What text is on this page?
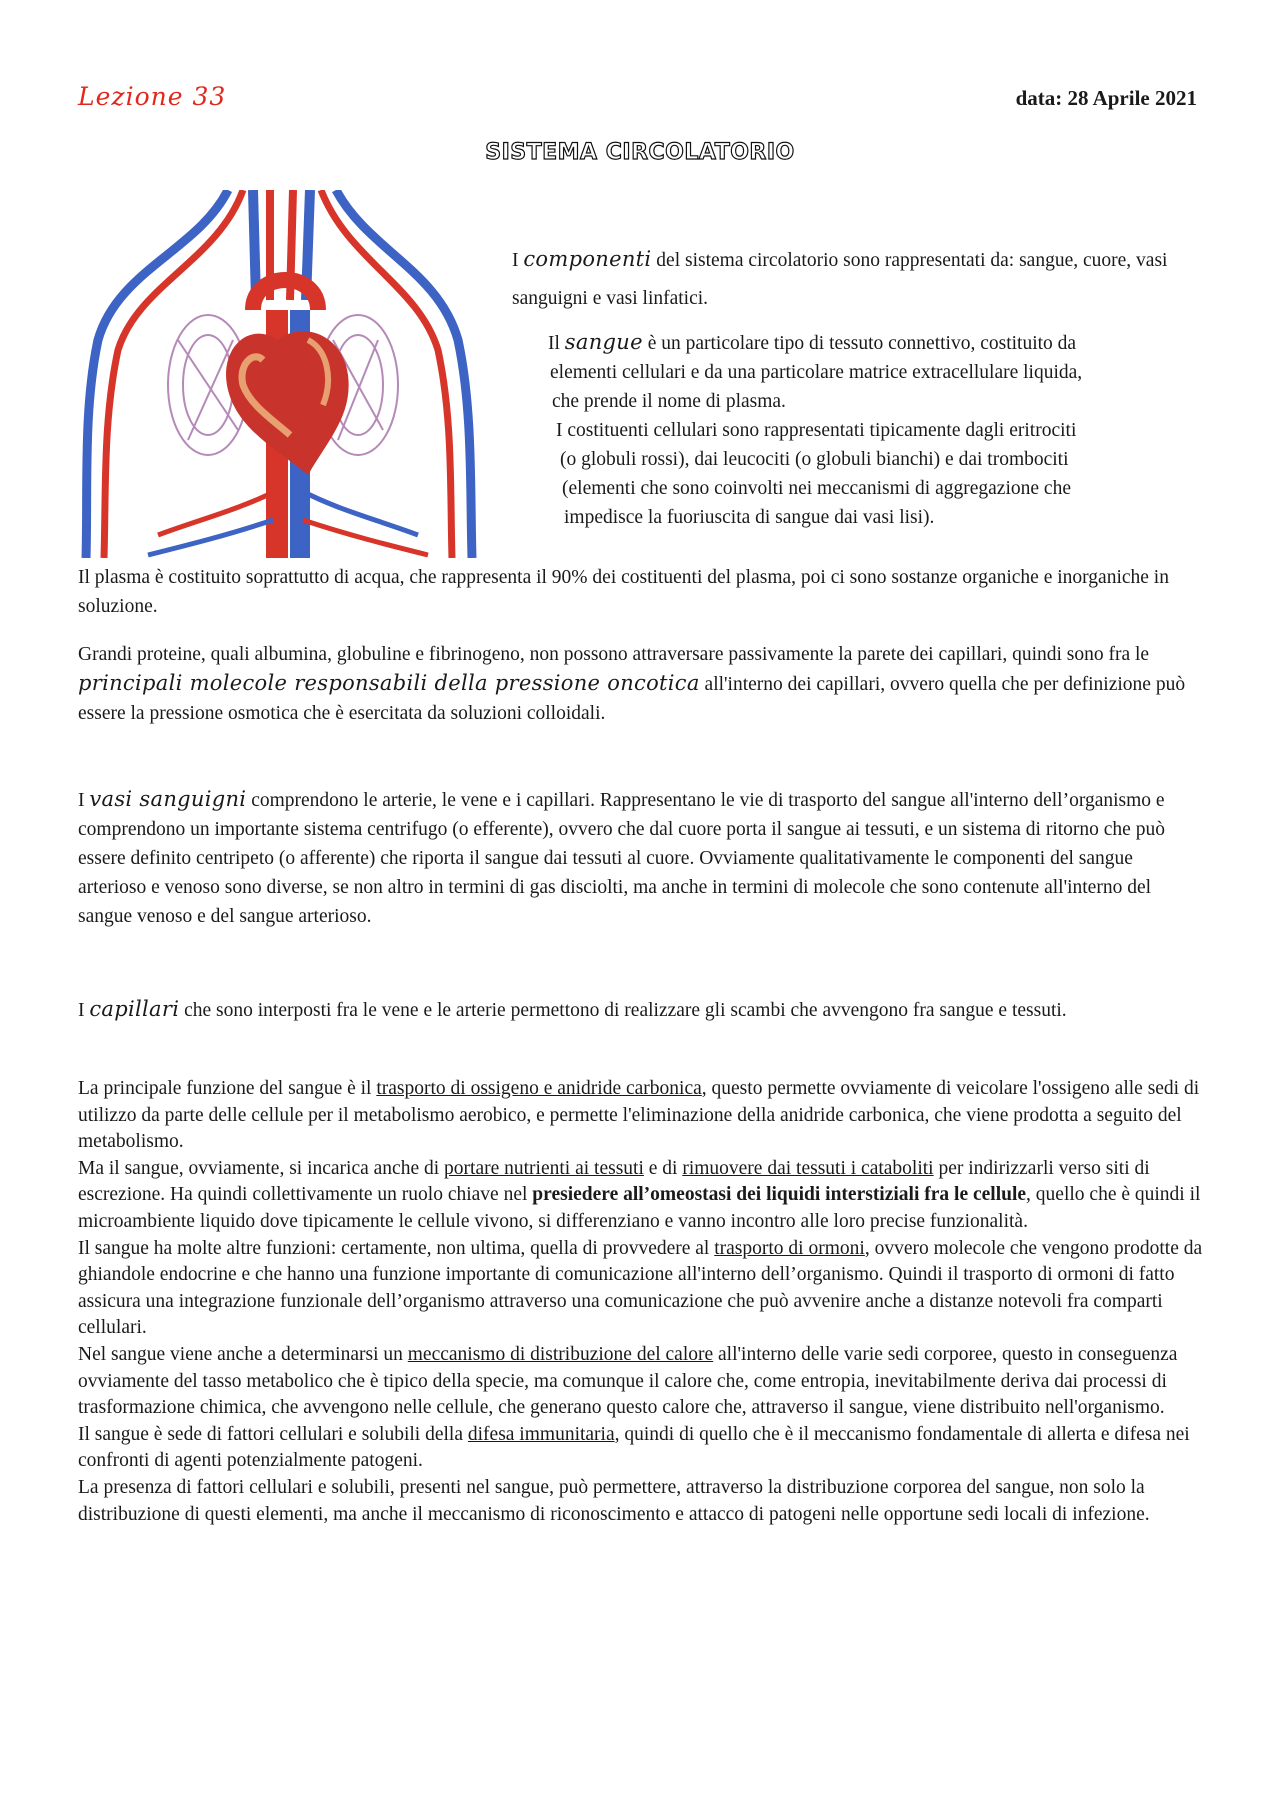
Lezione 33	data: 28 Aprile 2021
SISTEMA CIRCOLATORIO
I componenti del sistema circolatorio sono rappresentati da: sangue, cuore, vasi sanguigni e vasi linfatici.
Il sangue è un particolare tipo di tessuto connettivo, costituito da
elementi cellulari e da una particolare matrice extracellulare liquida,
che prende il nome di plasma.
I costituenti cellulari sono rappresentati tipicamente dagli eritrociti
(o globuli rossi), dai leucociti (o globuli bianchi) e dai trombociti
(elementi che sono coinvolti nei meccanismi di aggregazione che
impedisce la fuoriuscita di sangue dai vasi lisi).
Il plasma è costituito soprattutto di acqua, che rappresenta il 90% dei costituenti del plasma, poi ci sono sostanze organiche e inorganiche in soluzione.
Grandi proteine, quali albumina, globuline e fibrinogeno, non possono attraversare passivamente la parete dei capillari, quindi sono fra le principali molecole responsabili della pressione oncotica all'interno dei capillari, ovvero quella che per definizione può essere la pressione osmotica che è esercitata da soluzioni colloidali.
I vasi sanguigni comprendono le arterie, le vene e i capillari. Rappresentano le vie di trasporto del sangue all'interno dell’organismo e comprendono un importante sistema centrifugo (o efferente), ovvero che dal cuore porta il sangue ai tessuti, e un sistema di ritorno che può essere definito centripeto (o afferente) che riporta il sangue dai tessuti al cuore. Ovviamente qualitativamente le componenti del sangue arterioso e venoso sono diverse, se non altro in termini di gas disciolti, ma anche in termini di molecole che sono contenute all'interno del sangue venoso e del sangue arterioso.
I capillari che sono interposti fra le vene e le arterie permettono di realizzare gli scambi che avvengono fra sangue e tessuti.

La principale funzione del sangue è il trasporto di ossigeno e anidride carbonica, questo permette ovviamente di veicolare l'ossigeno alle sedi di utilizzo da parte delle cellule per il metabolismo aerobico, e permette l'eliminazione della anidride carbonica, che viene prodotta a seguito del metabolismo.

Ma il sangue, ovviamente, si incarica anche di portare nutrienti ai tessuti e di rimuovere dai tessuti i cataboliti per indirizzarli verso siti di escrezione. Ha quindi collettivamente un ruolo chiave nel presiedere all’omeostasi dei liquidi interstiziali fra le cellule, quello che è quindi il microambiente liquido dove tipicamente le cellule vivono, si differenziano e vanno incontro alle loro precise funzionalità.

Il sangue ha molte altre funzioni: certamente, non ultima, quella di provvedere al trasporto di ormoni, ovvero molecole che vengono prodotte da ghiandole endocrine e che hanno una funzione importante di comunicazione all'interno dell’organismo. Quindi il trasporto di ormoni di fatto assicura una integrazione funzionale dell’organismo attraverso una comunicazione che può avvenire anche a distanze notevoli fra comparti cellulari.

Nel sangue viene anche a determinarsi un meccanismo di distribuzione del calore all'interno delle varie sedi corporee, questo in conseguenza ovviamente del tasso metabolico che è tipico della specie, ma comunque il calore che, come entropia, inevitabilmente deriva dai processi di trasformazione chimica, che avvengono nelle cellule, che generano questo calore che, attraverso il sangue, viene distribuito nell'organismo.

Il sangue è sede di fattori cellulari e solubili della difesa immunitaria, quindi di quello che è il meccanismo fondamentale di allerta e difesa nei confronti di agenti potenzialmente patogeni.

La presenza di fattori cellulari e solubili, presenti nel sangue, può permettere, attraverso la distribuzione corporea del sangue, non solo la distribuzione di questi elementi, ma anche il meccanismo di riconoscimento e attacco di patogeni nelle opportune sedi locali di infezione.
